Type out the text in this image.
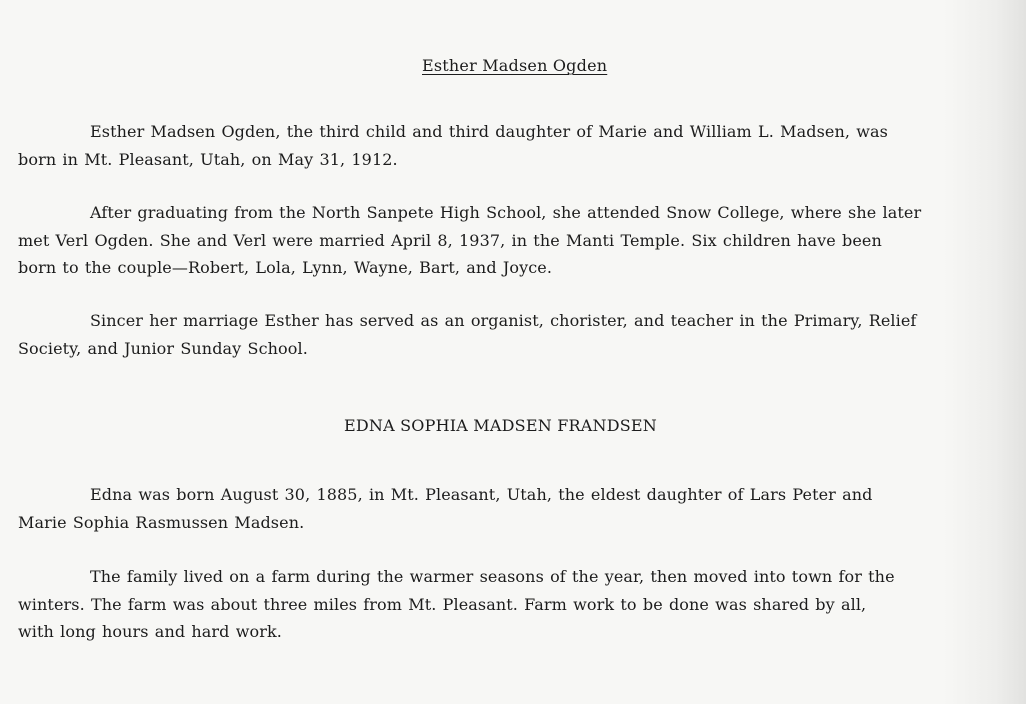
Esther Madsen Ogden
Esther Madsen Ogden, the third child and third daughter of Marie and William L. Madsen, was
born in Mt. Pleasant, Utah, on May 31, 1912.
After graduating from the North Sanpete High School, she attended Snow College, where she later
met Verl Ogden. She and Verl were married April 8, 1937, in the Manti Temple. Six children have been
born to the couple—Robert, Lola, Lynn, Wayne, Bart, and Joyce.
Sincer her marriage Esther has served as an organist, chorister, and teacher in the Primary, Relief
Society, and Junior Sunday School.
EDNA SOPHIA MADSEN FRANDSEN
Edna was born August 30, 1885, in Mt. Pleasant, Utah, the eldest daughter of Lars Peter and
Marie Sophia Rasmussen Madsen.
The family lived on a farm during the warmer seasons of the year, then moved into town for the
winters. The farm was about three miles from Mt. Pleasant. Farm work to be done was shared by all,
with long hours and hard work.
